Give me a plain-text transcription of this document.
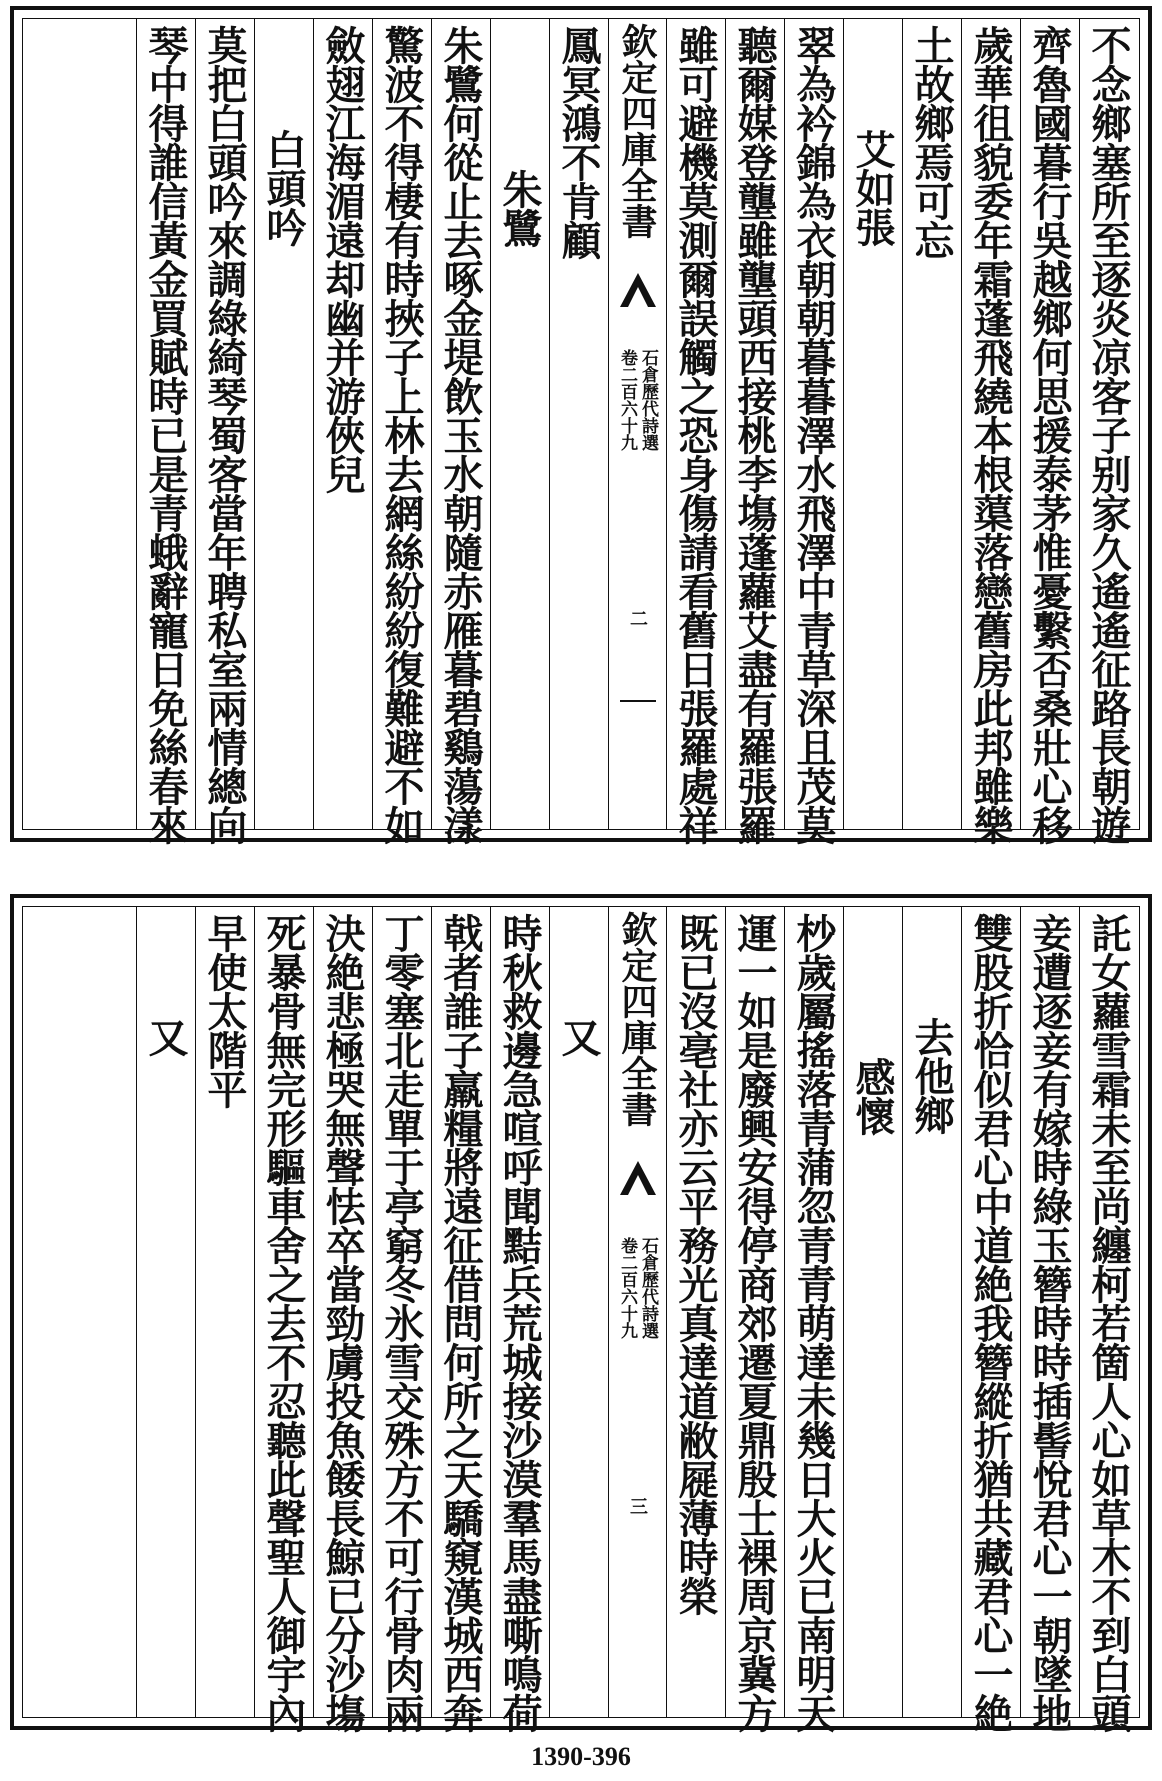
不念鄉塞所至逐炎凉客子别家久遙遙征路長朝遊
齊魯國暮行吳越鄉何思援泰茅惟憂繫否桑壯心移
歲華徂貌委年霜蓬飛繞本根蕖落戀舊房此邦雖樂
土故鄉焉可忘
艾如張
翠為衿錦為衣朝朝暮暮澤水飛澤中青草深且茂莫
聽爾媒登壟雖壟頭西接桃李塲蓬蘿艾盡有羅張羅
雖可避機莫測爾誤觸之恐身傷請看舊日張羅處祥
鳳冥鴻不肯顧
朱鷺
朱鷺何從止去啄金堤飲玉水朝隨赤雁暮碧鷄蕩漾
驚波不得棲有時挾子上林去網絲紛紛復難避不如
斂翅江海湄遠却幽并游俠兒
白頭吟
莫把白頭吟來調綠綺琴蜀客當年聘私室兩情總向
琴中得誰信黃金買賦時已是青蛾辭寵日免絲春來	欽定四庫全書
石倉歷代詩選
卷二百六十九
二
託女蘿雪霜未至尚纏柯若箇人心如草木不到白頭
妾遭逐妾有嫁時綠玉簪時時插髻悅君心一朝墜地
雙股折恰似君心中道絶我簪縱折猶共藏君心一絶
去他鄉
感懷
杪歲屬搖落青蒲忽青青萌達未幾日大火已南明天
運一如是廢興安得停商郊遷夏鼎殷士裸周京冀方
既已沒亳社亦云平務光真達道敝屣薄時榮
又
時秋救邊急喧呼聞黠兵荒城接沙漠羣馬盡嘶鳴荷
戟者誰子羸糧將遠征借問何所之天驕窺漢城西奔
丁零塞北走單于亭窮冬氷雪交殊方不可行骨肉兩
決絶悲極哭無聲怯卒當勁虜投魚餧長鯨已分沙塲
死暴骨無完形驅車舍之去不忍聽此聲聖人御宇內
早使太階平
又	欽定四庫全書
石倉歷代詩選
卷二百六十九
三
1390-396
